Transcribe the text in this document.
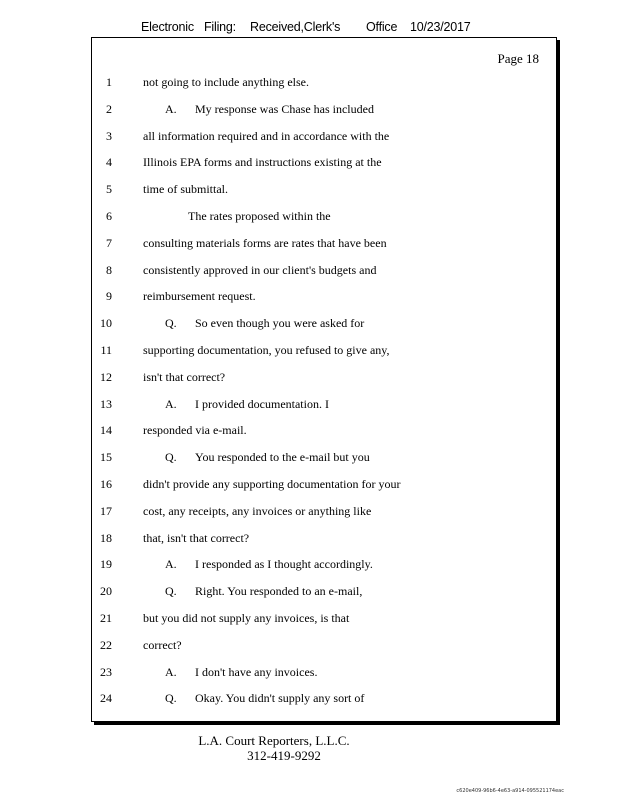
Electronic Filing: Received,Clerk's Office 10/23/2017
Page 18
1	not going to include anything else.
2	A. My response was Chase has included
3	all information required and in accordance with the
4	Illinois EPA forms and instructions existing at the
5	time of submittal.
6	The rates proposed within the
7	consulting materials forms are rates that have been
8	consistently approved in our client's budgets and
9	reimbursement request.
10	Q. So even though you were asked for
11	supporting documentation, you refused to give any,
12	isn't that correct?
13	A. I provided documentation. I
14	responded via e-mail.
15	Q. You responded to the e-mail but you
16	didn't provide any supporting documentation for your
17	cost, any receipts, any invoices or anything like
18	that, isn't that correct?
19	A. I responded as I thought accordingly.
20	Q. Right. You responded to an e-mail,
21	but you did not supply any invoices, is that
22	correct?
23	A. I don't have any invoices.
24	Q. Okay. You didn't supply any sort of
L.A. Court Reporters, L.L.C.
312-419-9292
c620e409-96b6-4e63-a914-095521174eac
